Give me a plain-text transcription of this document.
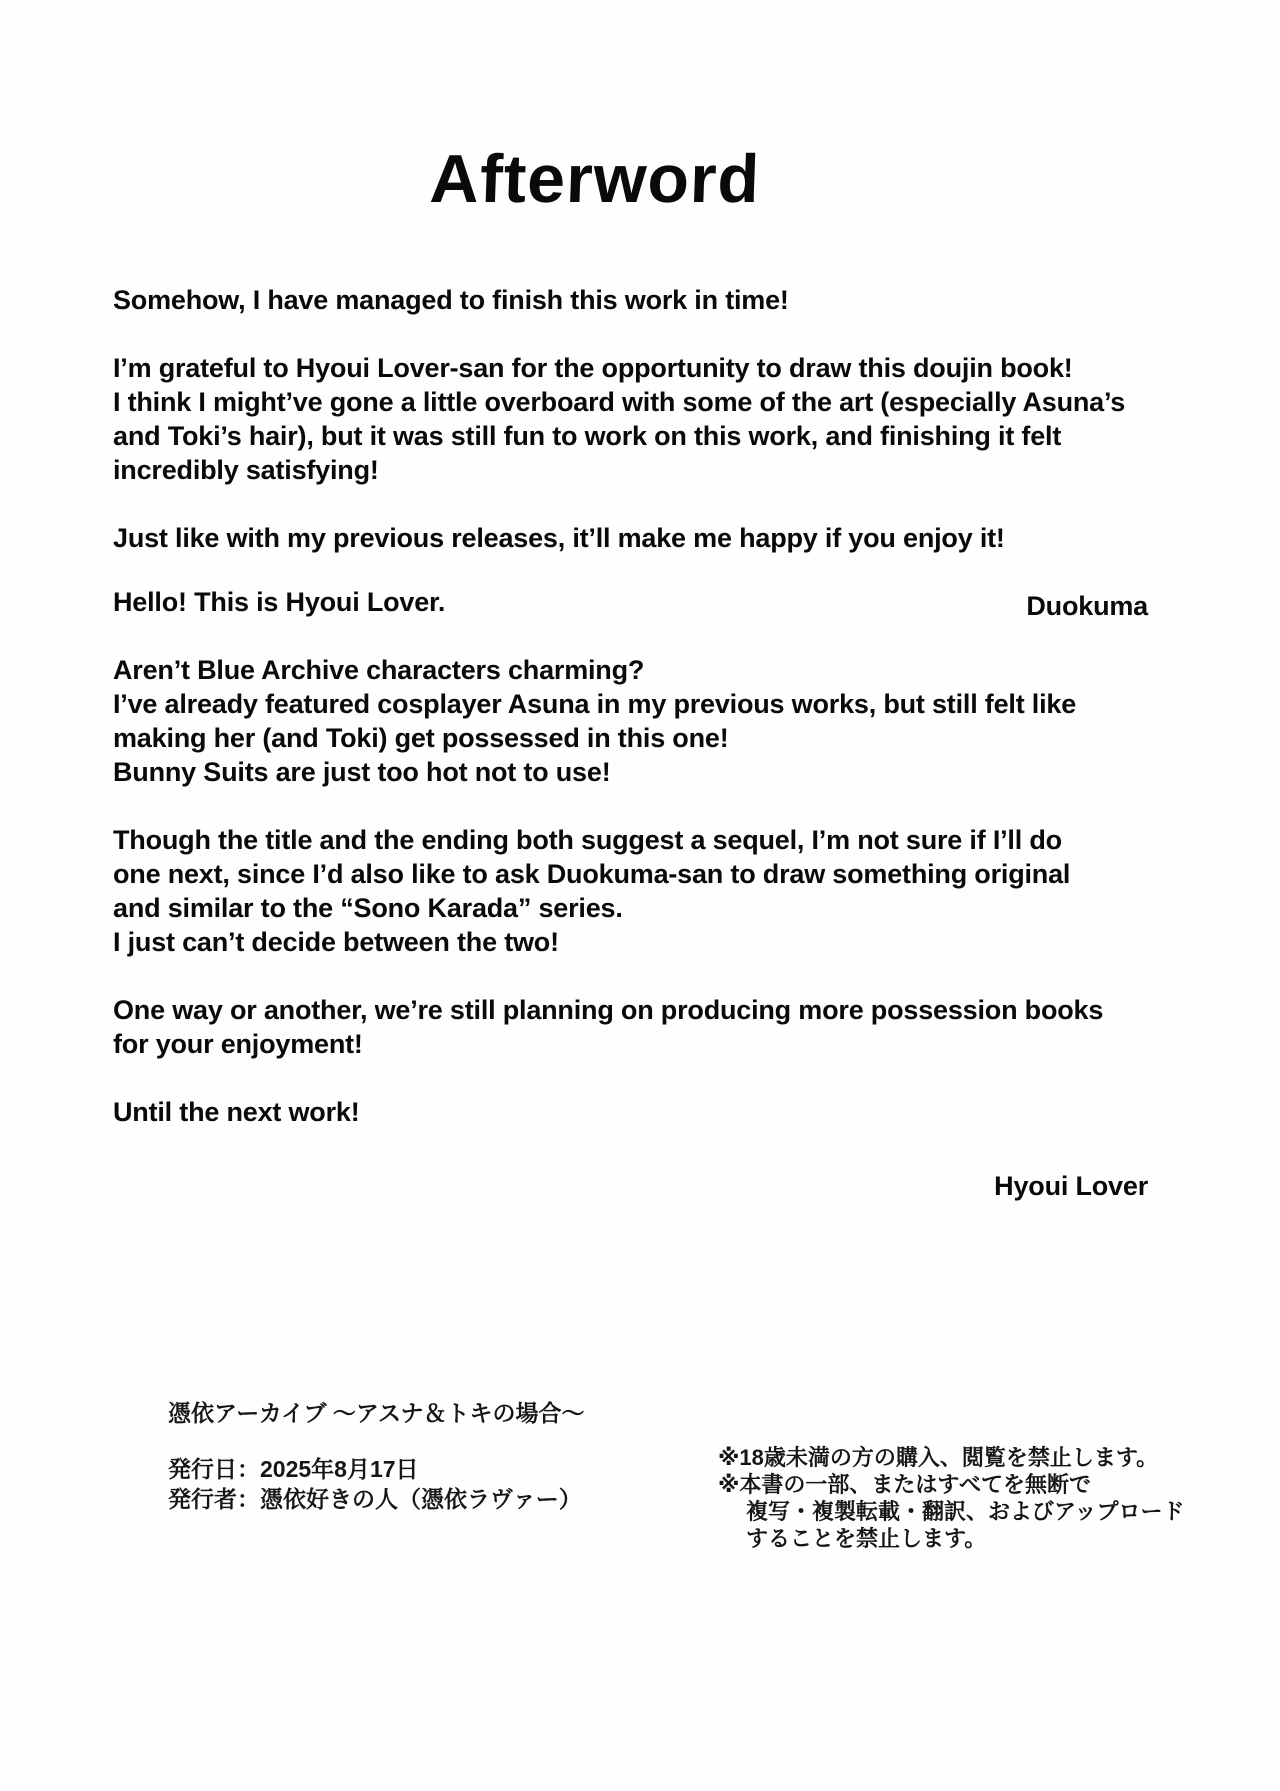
Afterword
Somehow, I have managed to finish this work in time!
I’m grateful to Hyoui Lover-san for the opportunity to draw this doujin book!
I think I might’ve gone a little overboard with some of the art (especially Asuna’s
and Toki’s hair), but it was still fun to work on this work, and finishing it felt
incredibly satisfying!
Just like with my previous releases, it’ll make me happy if you enjoy it!
Duokuma
Hello! This is Hyoui Lover.
Aren’t Blue Archive characters charming?
I’ve already featured cosplayer Asuna in my previous works, but still felt like
making her (and Toki) get possessed in this one!
Bunny Suits are just too hot not to use!
Though the title and the ending both suggest a sequel, I’m not sure if I’ll do
one next, since I’d also like to ask Duokuma-san to draw something original
and similar to the “Sono Karada” series.
I just can’t decide between the two!
One way or another, we’re still planning on producing more possession books
for your enjoyment!
Until the next work!
Hyoui Lover
憑依アーカイブ ～アスナ＆トキの場合～
発行日：2025年8月17日
発行者：憑依好きの人（憑依ラヴァー）
※18歳未満の方の購入、閲覧を禁止します。
※本書の一部、またはすべてを無断で
複写・複製転載・翻訳、およびアップロード
することを禁止します。
